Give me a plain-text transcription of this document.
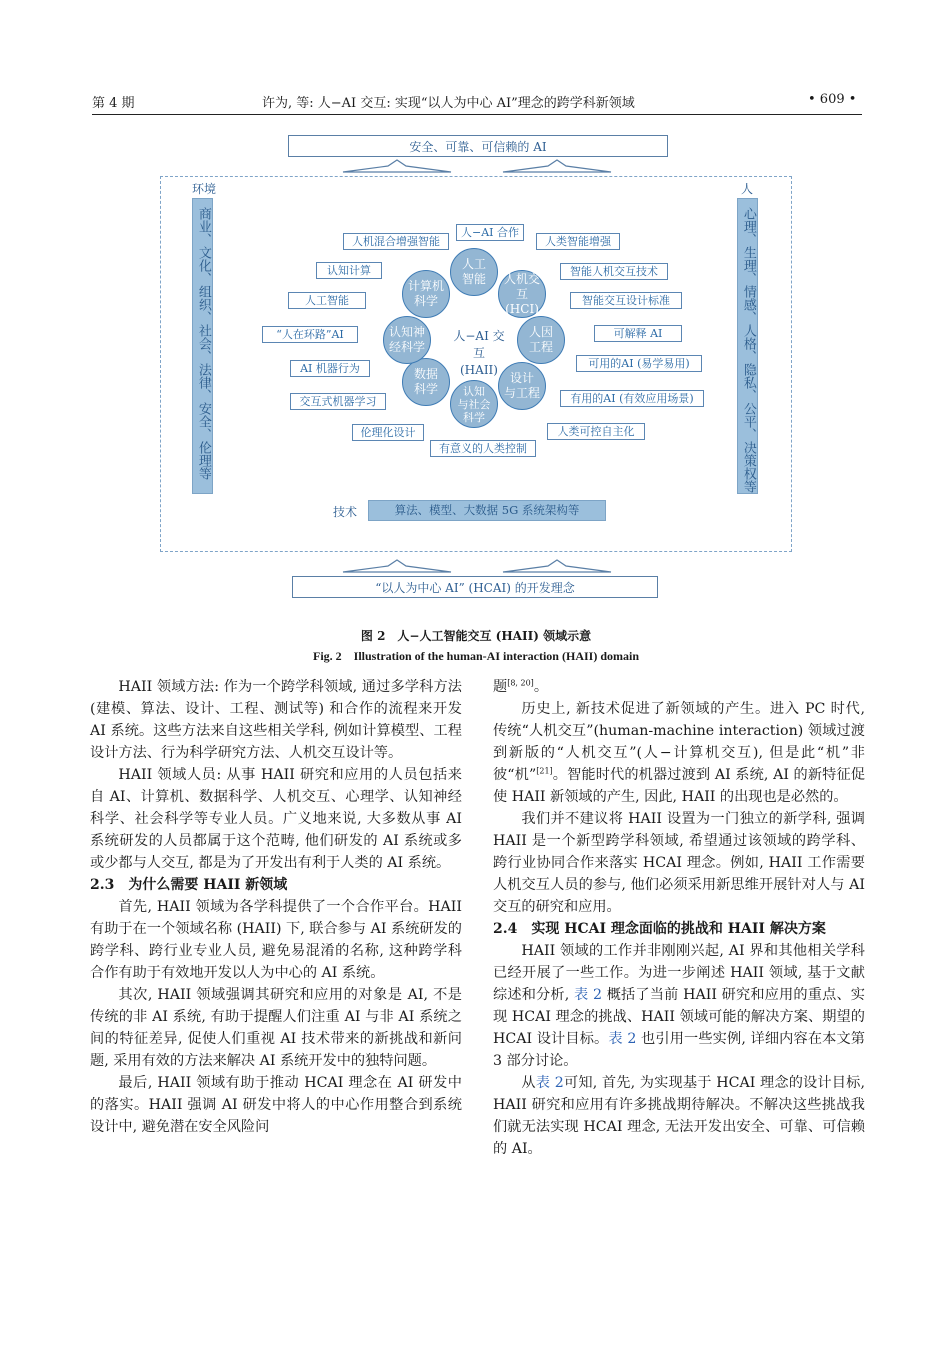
第 4 期	许为, 等: 人−AI 交互: 实现“以人为中心 AI”理念的跨学科新领域	• 609 •
安全、可靠、可信赖的 AI
环境	人
商业、文化、组织、社会、法律、安全、伦理等	心理、生理、情感、人格、隐私、公平、决策权等
人机混合增强智能
认知计算
人工智能
“人在环路”AI
AI 机器行为
交互式机器学习
伦理化设计
人−AI 合作
有意义的人类控制
人类智能增强
智能人机交互技术
智能交互设计标准
可解释 AI
可用的AI (易学易用)
有用的AI (有效应用场景)
人类可控自主化
人工
智能	人机交互
(HCI)
人因
工程
设计
与工程
认知
与社会
科学
数据
科学
认知神
经科学
计算机
科学
人−AI 交互
(HAII)
技术	算法、模型、大数据 5G 系统架构等
“以人为中心 AI” (HCAI) 的开发理念
图 2　人−人工智能交互 (HAII) 领域示意
Fig. 2　Illustration of the human-AI interaction (HAII) domain

HAII 领域方法: 作为一个跨学科领域, 通过多学科方法 (建模、算法、设计、工程、测试等) 和合作的流程来开发 AI 系统。这些方法来自这些相关学科, 例如计算模型、工程设计方法、行为科学研究方法、人机交互设计等。

HAII 领域人员: 从事 HAII 研究和应用的人员包括来自 AI、计算机、数据科学、人机交互、心理学、认知神经科学、社会科学等专业人员。广义地来说, 大多数从事 AI 系统研发的人员都属于这个范畴, 他们研发的 AI 系统或多或少都与人交互, 都是为了开发出有利于人类的 AI 系统。

2.3　为什么需要 HAII 新领域

首先, HAII 领域为各学科提供了一个合作平台。HAII 有助于在一个领域名称 (HAII) 下, 联合参与 AI 系统研发的跨学科、跨行业专业人员, 避免易混淆的名称, 这种跨学科合作有助于有效地开发以人为中心的 AI 系统。

其次, HAII 领域强调其研究和应用的对象是 AI, 不是传统的非 AI 系统, 有助于提醒人们注重 AI 与非 AI 系统之间的特征差异, 促使人们重视 AI 技术带来的新挑战和新问题, 采用有效的方法来解决 AI 系统开发中的独特问题。

最后, HAII 领域有助于推动 HCAI 理念在 AI 研发中的落实。HAII 强调 AI 研发中将人的中心作用整合到系统设计中, 避免潜在安全风险问

题[8, 20]。

历史上, 新技术促进了新领域的产生。进入 PC 时代, 传统“人机交互”(human-machine interaction) 领域过渡到新版的“人机交互”(人−计算机交互), 但是此“机”非彼“机”[21]。智能时代的机器过渡到 AI 系统, AI 的新特征促使 HAII 新领域的产生, 因此, HAII 的出现也是必然的。

我们并不建议将 HAII 设置为一门独立的新学科, 强调 HAII 是一个新型跨学科领域, 希望通过该领域的跨学科、跨行业协同合作来落实 HCAI 理念。例如, HAII 工作需要人机交互人员的参与, 他们必须采用新思维开展针对人与 AI 交互的研究和应用。

2.4　实现 HCAI 理念面临的挑战和 HAII 解决方案

HAII 领域的工作并非刚刚兴起, AI 界和其他相关学科已经开展了一些工作。为进一步阐述 HAII 领域, 基于文献综述和分析, 表 2 概括了当前 HAII 研究和应用的重点、实现 HCAI 理念的挑战、HAII 领域可能的解决方案、期望的 HCAI 设计目标。表 2 也引用一些实例, 详细内容在本文第 3 部分讨论。

从表 2可知, 首先, 为实现基于 HCAI 理念的设计目标, HAII 研究和应用有许多挑战期待解决。不解决这些挑战我们就无法实现 HCAI 理念, 无法开发出安全、可靠、可信赖的 AI。
